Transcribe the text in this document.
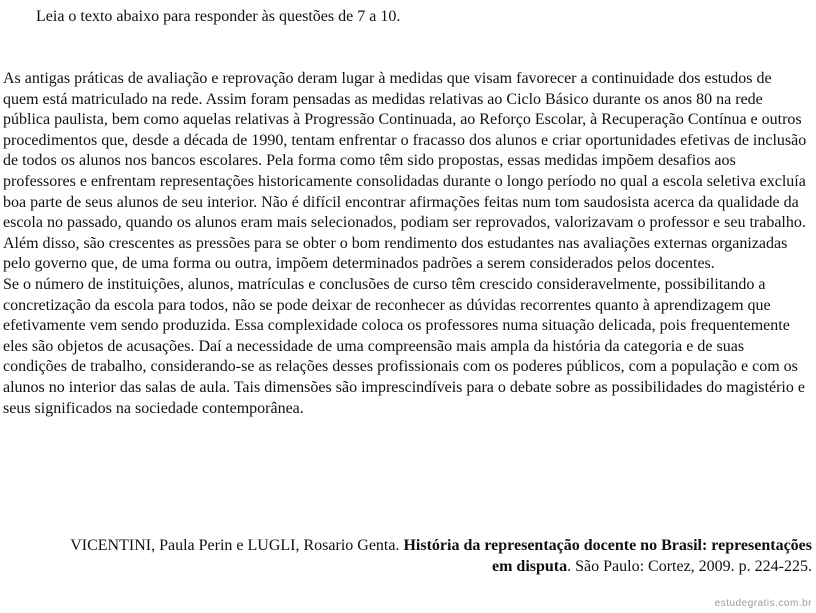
Leia o texto abaixo para responder às questões de 7 a 10.

As antigas práticas de avaliação e reprovação deram lugar à medidas que visam favorecer a continuidade dos estudos de quem está matriculado na rede. Assim foram pensadas as medidas relativas ao Ciclo Básico durante os anos 80 na rede pública paulista, bem como aquelas relativas à Progressão Continuada, ao Reforço Escolar, à Recuperação Contínua e outros procedimentos que, desde a década de 1990, tentam enfrentar o fracasso dos alunos e criar oportunidades efetivas de inclusão de todos os alunos nos bancos escolares. Pela forma como têm sido propostas, essas medidas impõem desafios aos professores e enfrentam representações historicamente consolidadas durante o longo período no qual a escola seletiva excluía boa parte de seus alunos de seu interior. Não é difícil encontrar afirmações feitas num tom saudosista acerca da qualidade da escola no passado, quando os alunos eram mais selecionados, podiam ser reprovados, valorizavam o professor e seu trabalho. Além disso, são crescentes as pressões para se obter o bom rendimento dos estudantes nas avaliações externas organizadas pelo governo que, de uma forma ou outra, impõem determinados padrões a serem considerados pelos docentes.

Se o número de instituições, alunos, matrículas e conclusões de curso têm crescido consideravelmente, possibilitando a concretização da escola para todos, não se pode deixar de reconhecer as dúvidas recorrentes quanto à aprendizagem que efetivamente vem sendo produzida. Essa complexidade coloca os professores numa situação delicada, pois frequentemente eles são objetos de acusações. Daí a necessidade de uma compreensão mais ampla da história da categoria e de suas condições de trabalho, considerando-se as relações desses profissionais com os poderes públicos, com a população e com os alunos no interior das salas de aula. Tais dimensões são imprescindíveis para o debate sobre as possibilidades do magistério e seus significados na sociedade contemporânea.

VICENTINI, Paula Perin e LUGLI, Rosario Genta. História da representação docente no Brasil: representações em disputa. São Paulo: Cortez, 2009. p. 224-225.

estudegratis.com.br
